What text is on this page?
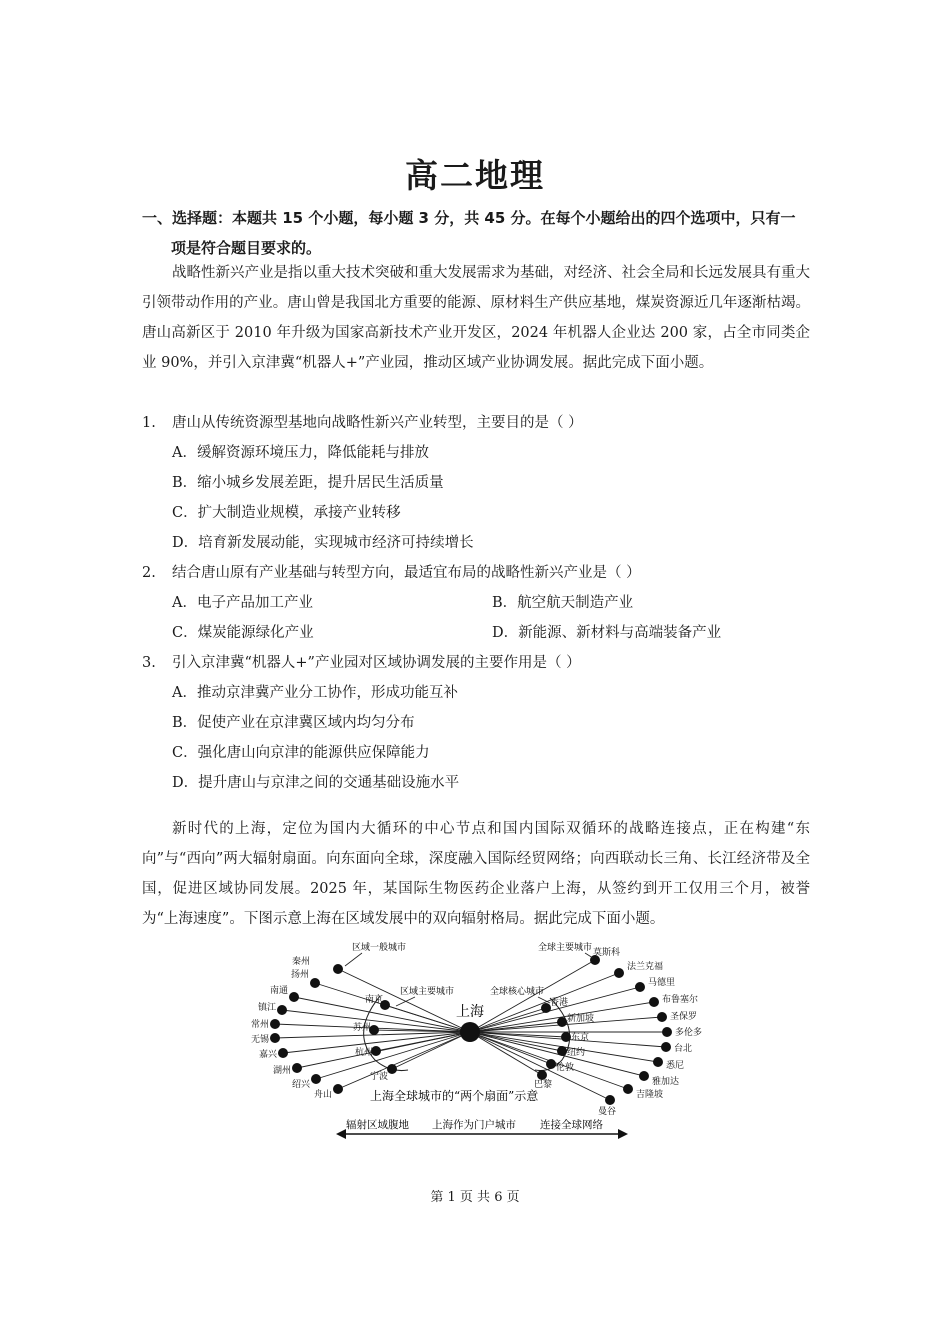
高二地理
一、选择题：本题共 15 个小题，每小题 3 分，共 45 分。在每个小题给出的四个选项中，只有一
项是符合题目要求的。
战略性新兴产业是指以重大技术突破和重大发展需求为基础，对经济、社会全局和长远发展具有重大引领带动作用的产业。唐山曾是我国北方重要的能源、原材料生产供应基地，煤炭资源近几年逐渐枯竭。唐山高新区于 2010 年升级为国家高新技术产业开发区，2024 年机器人企业达 200 家，占全市同类企业 90%，并引入京津冀“机器人+”产业园，推动区域产业协调发展。据此完成下面小题。
1. 唐山从传统资源型基地向战略性新兴产业转型，主要目的是（ ）
A．缓解资源环境压力，降低能耗与排放
B．缩小城乡发展差距，提升居民生活质量
C．扩大制造业规模，承接产业转移
D．培育新发展动能，实现城市经济可持续增长
2. 结合唐山原有产业基础与转型方向，最适宜布局的战略性新兴产业是（ ）
A．电子产品加工产业	B．航空航天制造产业
C．煤炭能源绿化产业	D．新能源、新材料与高端装备产业
3. 引入京津冀“机器人+”产业园对区域协调发展的主要作用是（ ）
A．推动京津冀产业分工协作，形成功能互补
B．促使产业在京津冀区域内均匀分布
C．强化唐山向京津的能源供应保障能力
D．提升唐山与京津之间的交通基础设施水平
新时代的上海，定位为国内大循环的中心节点和国内国际双循环的战略连接点，正在构建“东向”与“西向”两大辐射扇面。向东面向全球，深度融入国际经贸网络；向西联动长三角、长江经济带及全国，促进区域协同发展。2025 年，某国际生物医药企业落户上海，从签约到开工仅用三个月，被誉为“上海速度”。下图示意上海在区域发展中的双向辐射格局。据此完成下面小题。
秦州
扬州
南通
镇江
常州
无锡
嘉兴
湖州
绍兴
舟山
南京
苏州
杭州
宁波
香港
新加坡
东京
纽约
伦敦
巴黎
莫斯科
法兰克福
马德里
布鲁塞尔
圣保罗
多伦多
台北
悉尼
雅加达
吉隆坡
曼谷
上海
区域一般城市
区域主要城市	全球核心城市
全球主要城市
上海全球城市的“两个扇面”示意
辐射区域腹地 上海作为门户城市 连接全球网络
第 1 页 共 6 页
